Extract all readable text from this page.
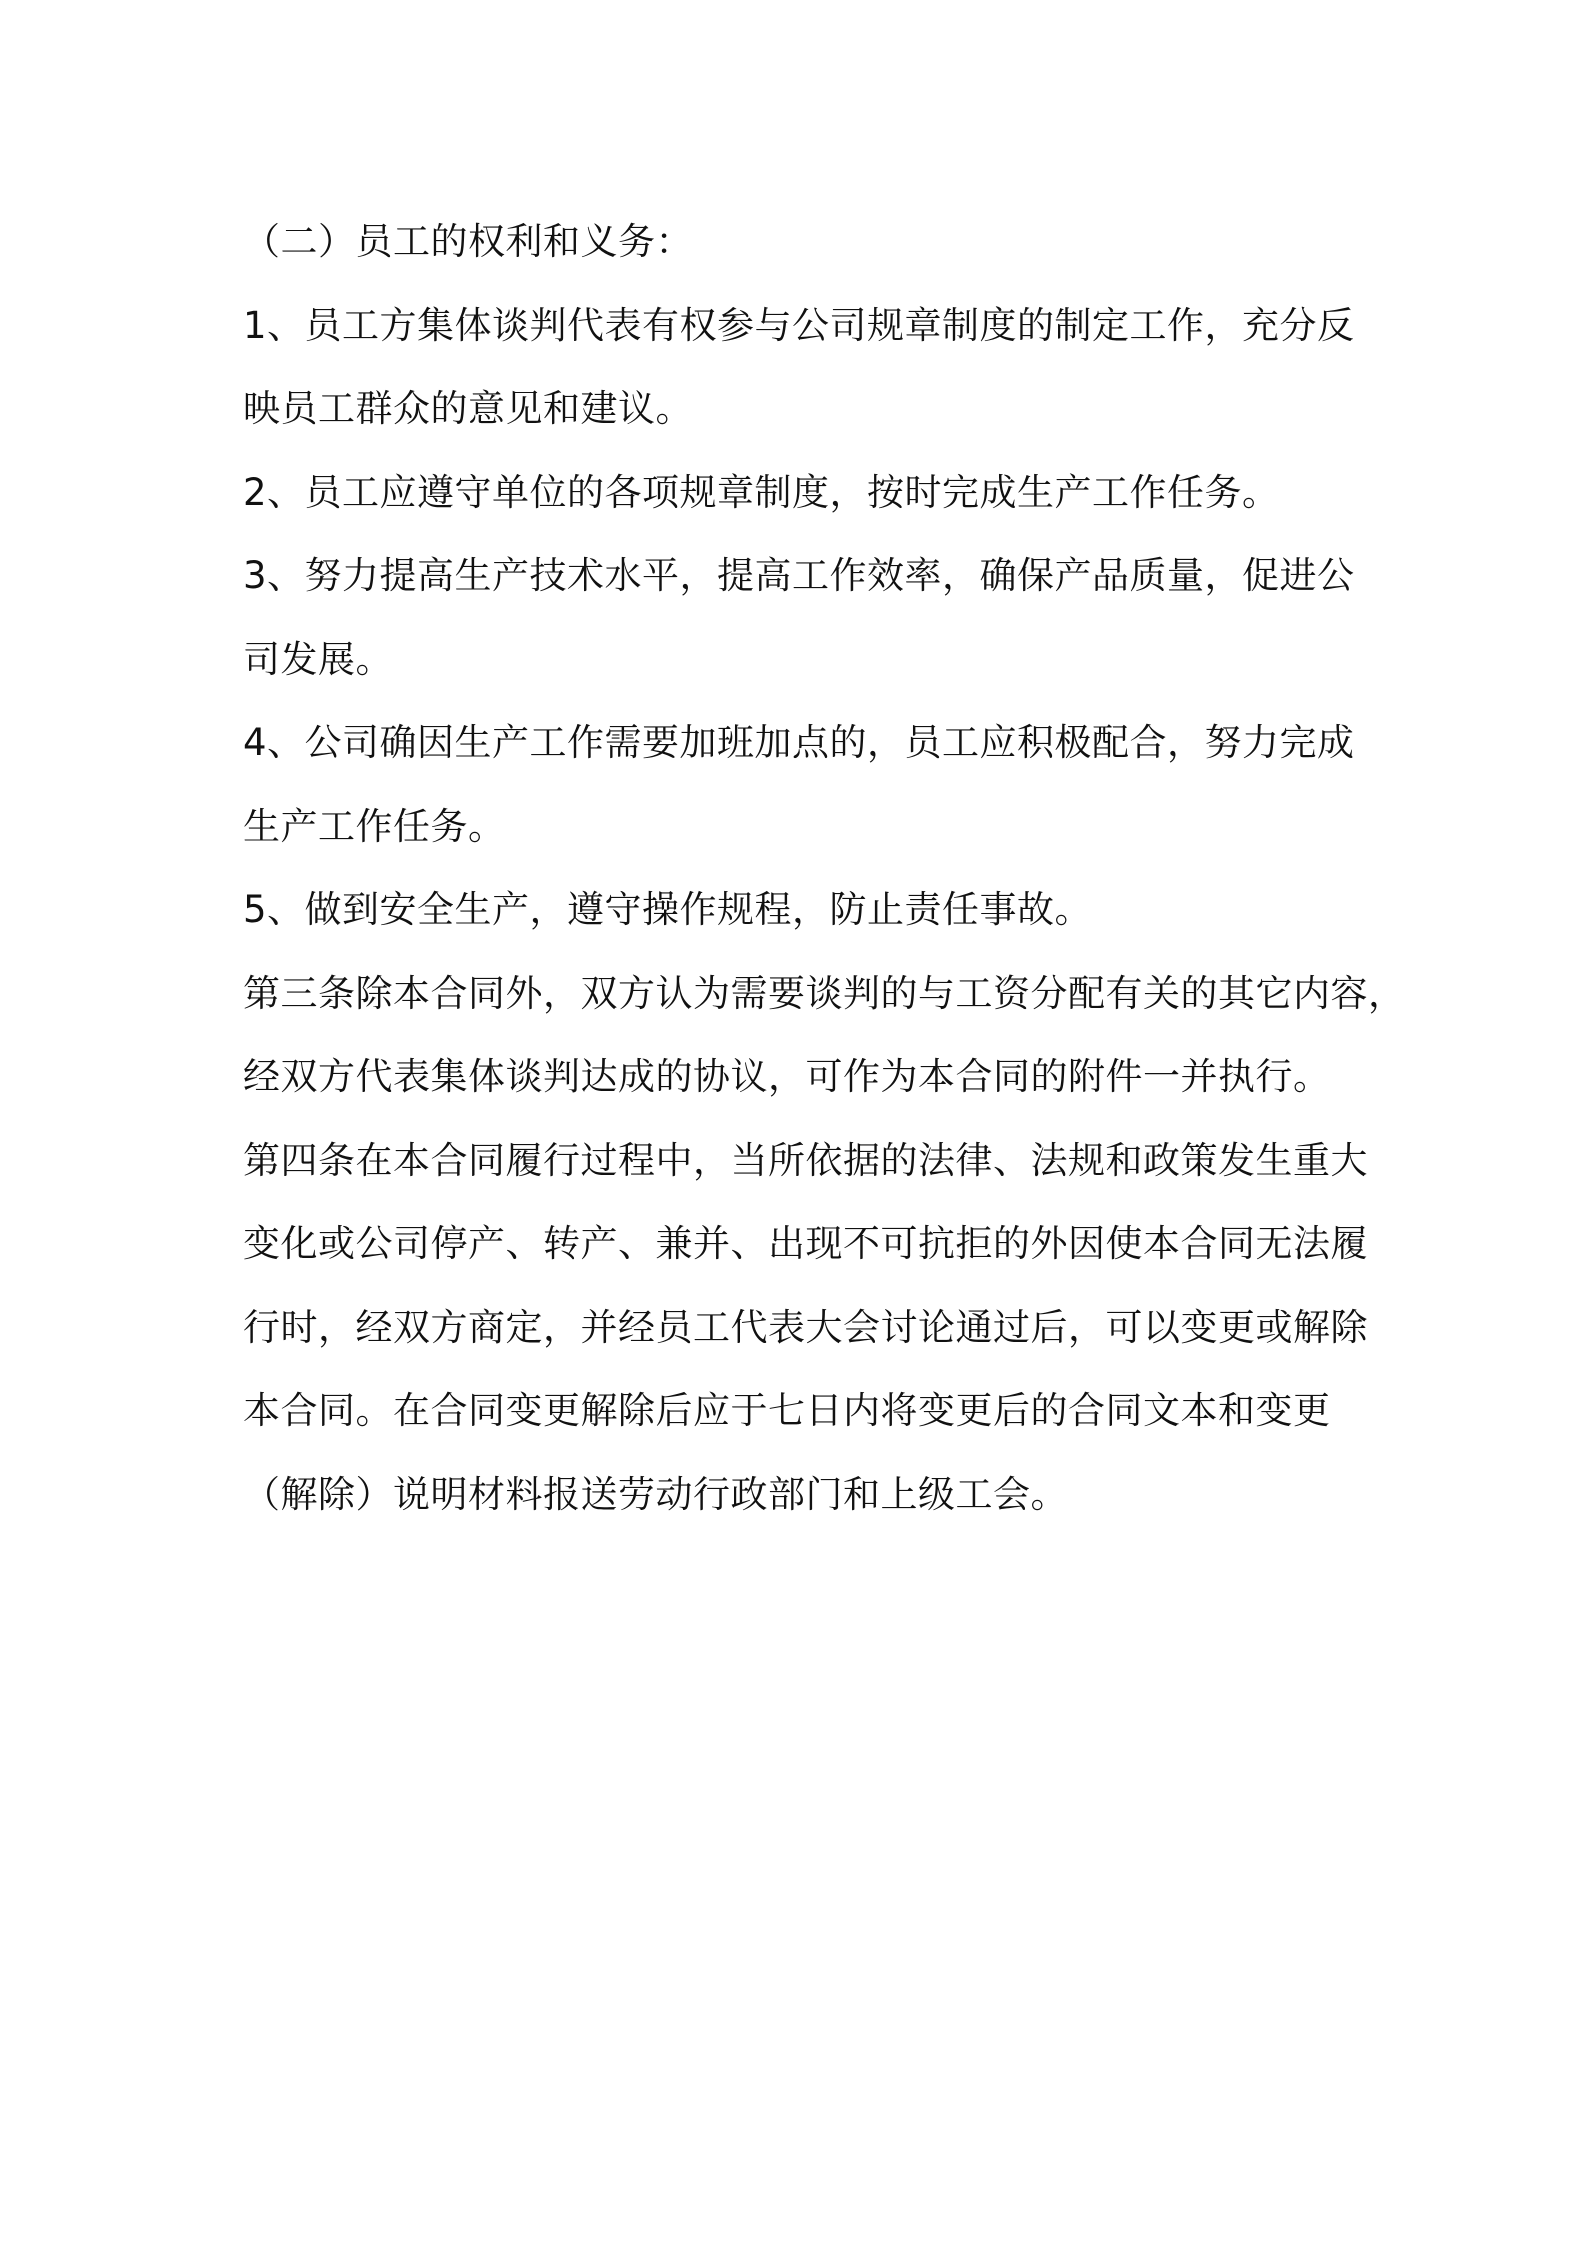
（二）员工的权利和义务：
1、员工方集体谈判代表有权参与公司规章制度的制定工作，充分反
映员工群众的意见和建议。
2、员工应遵守单位的各项规章制度，按时完成生产工作任务。
3、努力提高生产技术水平，提高工作效率，确保产品质量，促进公
司发展。
4、公司确因生产工作需要加班加点的，员工应积极配合，努力完成
生产工作任务。
5、做到安全生产，遵守操作规程，防止责任事故。
第三条除本合同外，双方认为需要谈判的与工资分配有关的其它内容，
经双方代表集体谈判达成的协议，可作为本合同的附件一并执行。
第四条在本合同履行过程中，当所依据的法律、法规和政策发生重大
变化或公司停产、转产、兼并、出现不可抗拒的外因使本合同无法履
行时，经双方商定，并经员工代表大会讨论通过后，可以变更或解除
本合同。在合同变更解除后应于七日内将变更后的合同文本和变更
（解除）说明材料报送劳动行政部门和上级工会。
